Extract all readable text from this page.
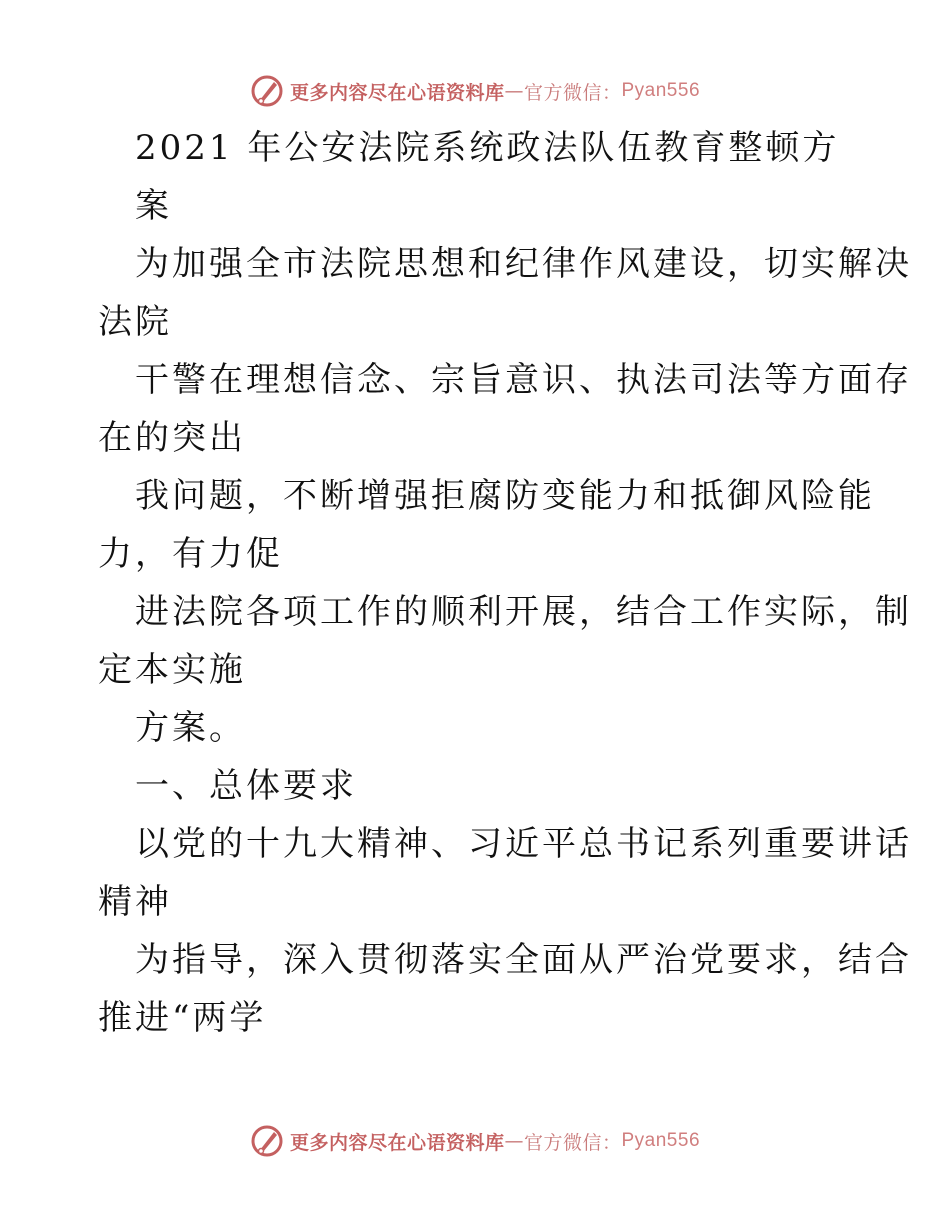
更多内容尽在心语资料库 — 官方微信： Pyan556
2021 年公安法院系统政法队伍教育整顿方
案
为加强全市法院思想和纪律作风建设，切实解决
法院
干警在理想信念、宗旨意识、执法司法等方面存
在的突出
我问题，不断增强拒腐防变能力和抵御风险能
力，有力促
进法院各项工作的顺利开展，结合工作实际，制
定本实施
方案。
一、总体要求
以党的十九大精神、习近平总书记系列重要讲话
精神
为指导，深入贯彻落实全面从严治党要求，结合
推进“两学
更多内容尽在心语资料库 — 官方微信： Pyan556
